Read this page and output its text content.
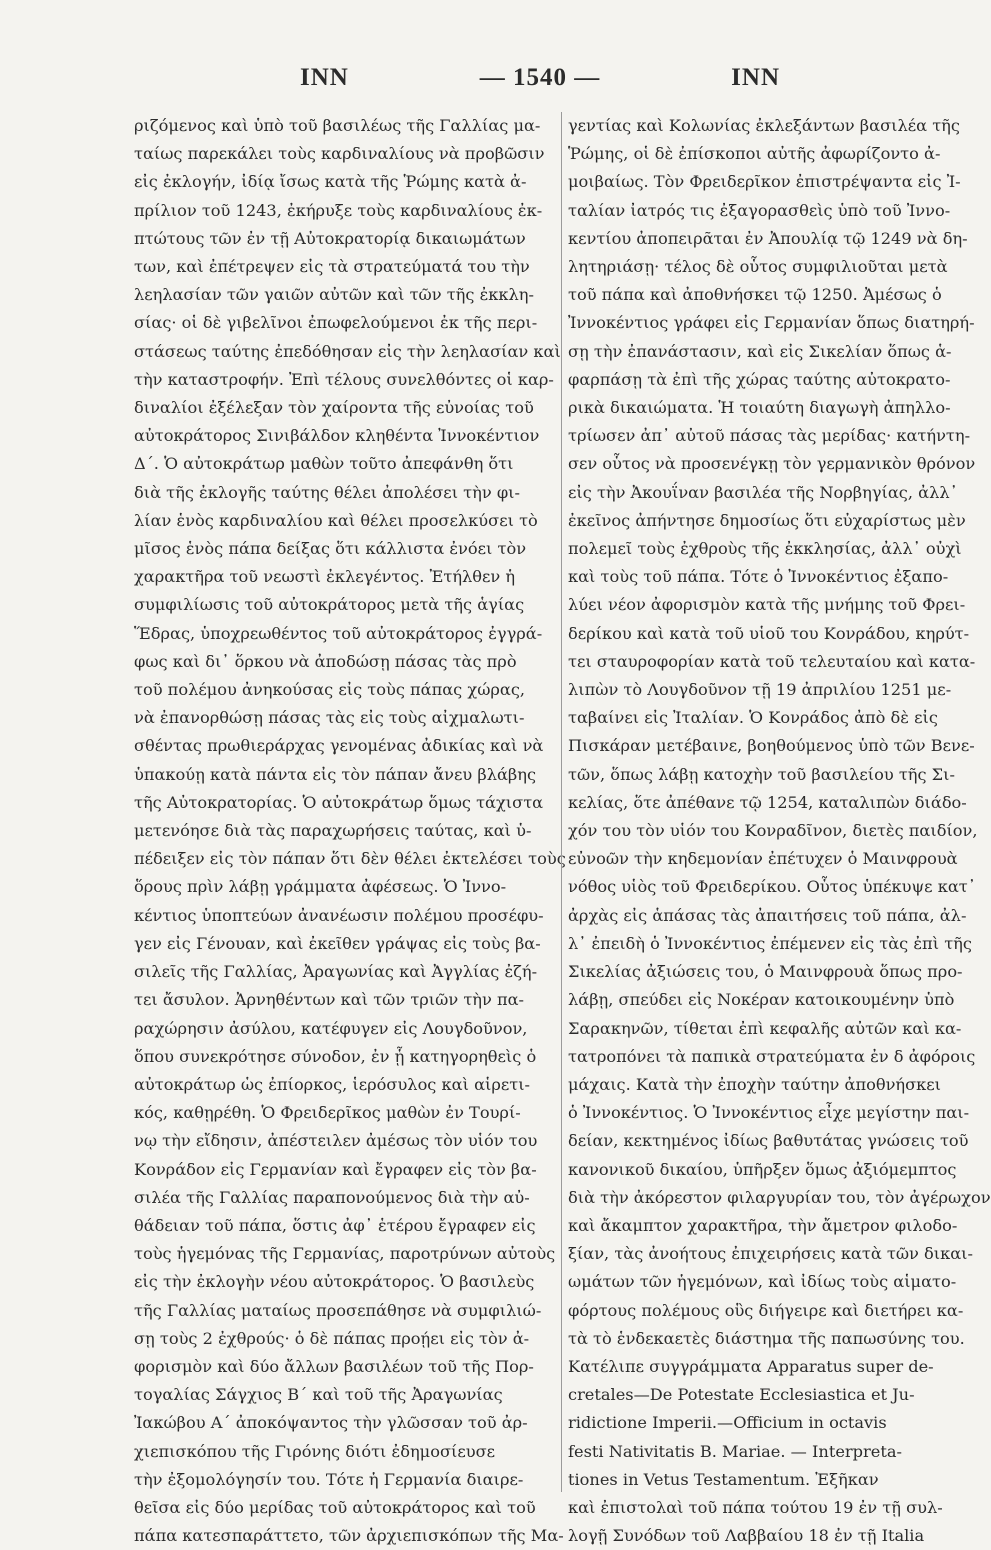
INN	— 1540 —	INN
ριζόμενος καὶ ὑπὸ τοῦ βασιλέως τῆς Γαλλίας μα-
ταίως παρεκάλει τοὺς καρδιναλίους νὰ προβῶσιν
εἰς ἐκλογήν, ἰδίᾳ ἴσως κατὰ τῆς Ῥώμης κατὰ ἀ-
πρίλιον τοῦ 1243, ἐκήρυξε τοὺς καρδιναλίους ἐκ-
πτώτους τῶν ἐν τῇ Αὐτοκρατορίᾳ δικαιωμάτων
των, καὶ ἐπέτρεψεν εἰς τὰ στρατεύματά του τὴν
λεηλασίαν τῶν γαιῶν αὐτῶν καὶ τῶν τῆς ἐκκλη-
σίας· οἱ δὲ γιβελῖνοι ἐπωφελούμενοι ἐκ τῆς περι-
στάσεως ταύτης ἐπεδόθησαν εἰς τὴν λεηλασίαν καὶ
τὴν καταστροφήν. Ἐπὶ τέλους συνελθόντες οἱ καρ-
διναλίοι ἐξέλεξαν τὸν χαίροντα τῆς εὐνοίας τοῦ
αὐτοκράτορος Σινιβάλδον κληθέντα Ἰννοκέντιον
Δ΄. Ὁ αὐτοκράτωρ μαθὼν τοῦτο ἀπεφάνθη ὅτι
διὰ τῆς ἐκλογῆς ταύτης θέλει ἀπολέσει τὴν φι-
λίαν ἑνὸς καρδιναλίου καὶ θέλει προσελκύσει τὸ
μῖσος ἑνὸς πάπα δείξας ὅτι κάλλιστα ἐνόει τὸν
χαρακτῆρα τοῦ νεωστὶ ἐκλεγέντος. Ἐτήλθεν ἡ
συμφιλίωσις τοῦ αὐτοκράτορος μετὰ τῆς ἁγίας
Ἕδρας, ὑποχρεωθέντος τοῦ αὐτοκράτορος ἐγγρά-
φως καὶ δι᾽ ὅρκου νὰ ἀποδώσῃ πάσας τὰς πρὸ
τοῦ πολέμου ἀνηκούσας εἰς τοὺς πάπας χώρας,
νὰ ἐπανορθώσῃ πάσας τὰς εἰς τοὺς αἰχμαλωτι-
σθέντας πρωθιεράρχας γενομένας ἀδικίας καὶ νὰ
ὑπακούῃ κατὰ πάντα εἰς τὸν πάπαν ἄνευ βλάβης
τῆς Αὐτοκρατορίας. Ὁ αὐτοκράτωρ ὅμως τάχιστα
μετενόησε διὰ τὰς παραχωρήσεις ταύτας, καὶ ὑ-
πέδειξεν εἰς τὸν πάπαν ὅτι δὲν θέλει ἐκτελέσει τοὺς
ὅρους πρὶν λάβῃ γράμματα ἀφέσεως. Ὁ Ἰννο-
κέντιος ὑποπτεύων ἀνανέωσιν πολέμου προσέφυ-
γεν εἰς Γένουαν, καὶ ἐκεῖθεν γράψας εἰς τοὺς βα-
σιλεῖς τῆς Γαλλίας, Ἀραγωνίας καὶ Ἀγγλίας ἐζή-
τει ἄσυλον. Ἀρνηθέντων καὶ τῶν τριῶν τὴν πα-
ραχώρησιν ἀσύλου, κατέφυγεν εἰς Λουγδοῦνον,
ὅπου συνεκρότησε σύνοδον, ἐν ᾗ κατηγορηθεὶς ὁ
αὐτοκράτωρ ὡς ἐπίορκος, ἱερόσυλος καὶ αἱρετι-
κός, καθῃρέθη. Ὁ Φρειδερῖκος μαθὼν ἐν Τουρί-
νῳ τὴν εἴδησιν, ἀπέστειλεν ἀμέσως τὸν υἱόν του
Κονράδον εἰς Γερμανίαν καὶ ἔγραφεν εἰς τὸν βα-
σιλέα τῆς Γαλλίας παραπονούμενος διὰ τὴν αὐ-
θάδειαν τοῦ πάπα, ὅστις ἀφ᾽ ἑτέρου ἔγραφεν εἰς
τοὺς ἡγεμόνας τῆς Γερμανίας, παροτρύνων αὐτοὺς
εἰς τὴν ἐκλογὴν νέου αὐτοκράτορος. Ὁ βασιλεὺς
τῆς Γαλλίας ματαίως προσεπάθησε νὰ συμφιλιώ-
σῃ τοὺς 2 ἐχθρούς· ὁ δὲ πάπας προῄει εἰς τὸν ἀ-
φορισμὸν καὶ δύο ἄλλων βασιλέων τοῦ τῆς Πορ-
τογαλίας Σάγχιος Β΄ καὶ τοῦ τῆς Ἀραγωνίας
Ἰακώβου Α΄ ἀποκόψαντος τὴν γλῶσσαν τοῦ ἀρ-
χιεπισκόπου τῆς Γιρόνης διότι ἐδημοσίευσε
τὴν ἐξομολόγησίν του. Τότε ἡ Γερμανία διαιρε-
θεῖσα εἰς δύο μερίδας τοῦ αὐτοκράτορος καὶ τοῦ
πάπα κατεσπαράττετο, τῶν ἀρχιεπισκόπων τῆς Μα-
γεντίας καὶ Κολωνίας ἐκλεξάντων βασιλέα τῆς
Ῥώμης, οἱ δὲ ἐπίσκοποι αὐτῆς ἀφωρίζοντο ἀ-
μοιβαίως. Τὸν Φρειδερῖκον ἐπιστρέψαντα εἰς Ἰ-
ταλίαν ἰατρός τις ἐξαγορασθεὶς ὑπὸ τοῦ Ἰννο-
κεντίου ἀποπειρᾶται ἐν Ἀπουλίᾳ τῷ 1249 νὰ δη-
λητηριάσῃ· τέλος δὲ οὗτος συμφιλιοῦται μετὰ
τοῦ πάπα καὶ ἀποθνήσκει τῷ 1250. Ἀμέσως ὁ
Ἰννοκέντιος γράφει εἰς Γερμανίαν ὅπως διατηρή-
σῃ τὴν ἐπανάστασιν, καὶ εἰς Σικελίαν ὅπως ἁ-
φαρπάσῃ τὰ ἐπὶ τῆς χώρας ταύτης αὐτοκρατο-
ρικὰ δικαιώματα. Ἡ τοιαύτη διαγωγὴ ἀπηλλο-
τρίωσεν ἀπ᾽ αὐτοῦ πάσας τὰς μερίδας· κατήντη-
σεν οὗτος νὰ προσενέγκῃ τὸν γερμανικὸν θρόνον
εἰς τὴν Ἀκουΐναν βασιλέα τῆς Νορβηγίας, ἀλλ᾽
ἐκεῖνος ἀπήντησε δημοσίως ὅτι εὐχαρίστως μὲν
πολεμεῖ τοὺς ἐχθροὺς τῆς ἐκκλησίας, ἀλλ᾽ οὐχὶ
καὶ τοὺς τοῦ πάπα. Τότε ὁ Ἰννοκέντιος ἐξαπο-
λύει νέον ἀφορισμὸν κατὰ τῆς μνήμης τοῦ Φρει-
δερίκου καὶ κατὰ τοῦ υἱοῦ του Κονράδου, κηρύτ-
τει σταυροφορίαν κατὰ τοῦ τελευταίου καὶ κατα-
λιπὼν τὸ Λουγδοῦνον τῇ 19 ἀπριλίου 1251 με-
ταβαίνει εἰς Ἰταλίαν. Ὁ Κονράδος ἀπὸ δὲ εἰς
Πισκάραν μετέβαινε, βοηθούμενος ὑπὸ τῶν Βενε-
τῶν, ὅπως λάβῃ κατοχὴν τοῦ βασιλείου τῆς Σι-
κελίας, ὅτε ἀπέθανε τῷ 1254, καταλιπὼν διάδο-
χόν του τὸν υἱόν του Κονραδῖνον, διετὲς παιδίον,
εὐνοῶν τὴν κηδεμονίαν ἐπέτυχεν ὁ Μαινφρουὰ
νόθος υἱὸς τοῦ Φρειδερίκου. Οὗτος ὑπέκυψε κατ᾽
ἀρχὰς εἰς ἁπάσας τὰς ἀπαιτήσεις τοῦ πάπα, ἀλ-
λ᾽ ἐπειδὴ ὁ Ἰννοκέντιος ἐπέμενεν εἰς τὰς ἐπὶ τῆς
Σικελίας ἀξιώσεις του, ὁ Μαινφρουὰ ὅπως προ-
λάβῃ, σπεύδει εἰς Νοκέραν κατοικουμένην ὑπὸ
Σαρακηνῶν, τίθεται ἐπὶ κεφαλῆς αὐτῶν καὶ κα-
τατροπόνει τὰ παπικὰ στρατεύματα ἐν δ ἀφόροις
μάχαις. Κατὰ τὴν ἐποχὴν ταύτην ἀποθνήσκει
ὁ Ἰννοκέντιος. Ὁ Ἰννοκέντιος εἶχε μεγίστην παι-
δείαν, κεκτημένος ἰδίως βαθυτάτας γνώσεις τοῦ
κανονικοῦ δικαίου, ὑπῆρξεν ὅμως ἀξιόμεμπτος
διὰ τὴν ἀκόρεστον φιλαργυρίαν του, τὸν ἀγέρωχον
καὶ ἄκαμπτον χαρακτῆρα, τὴν ἄμετρον φιλοδο-
ξίαν, τὰς ἀνοήτους ἐπιχειρήσεις κατὰ τῶν δικαι-
ωμάτων τῶν ἡγεμόνων, καὶ ἰδίως τοὺς αἱματο-
φόρτους πολέμους οὓς διήγειρε καὶ διετήρει κα-
τὰ τὸ ἑνδεκαετὲς διάστημα τῆς παπωσύνης του.
Κατέλιπε συγγράμματα Apparatus super de-
cretales—De Potestate Ecclesiastica et Ju-
ridictione Imperii.—Officium in octavis
festi Nativitatis B. Mariae. — Interpreta-
tiones in Vetus Testamentum. Ἐξῆκαν
καὶ ἐπιστολαὶ τοῦ πάπα τούτου 19 ἐν τῇ συλ-
λογῇ Συνόδων τοῦ Λαββαίου 18 ἐν τῇ Italia
